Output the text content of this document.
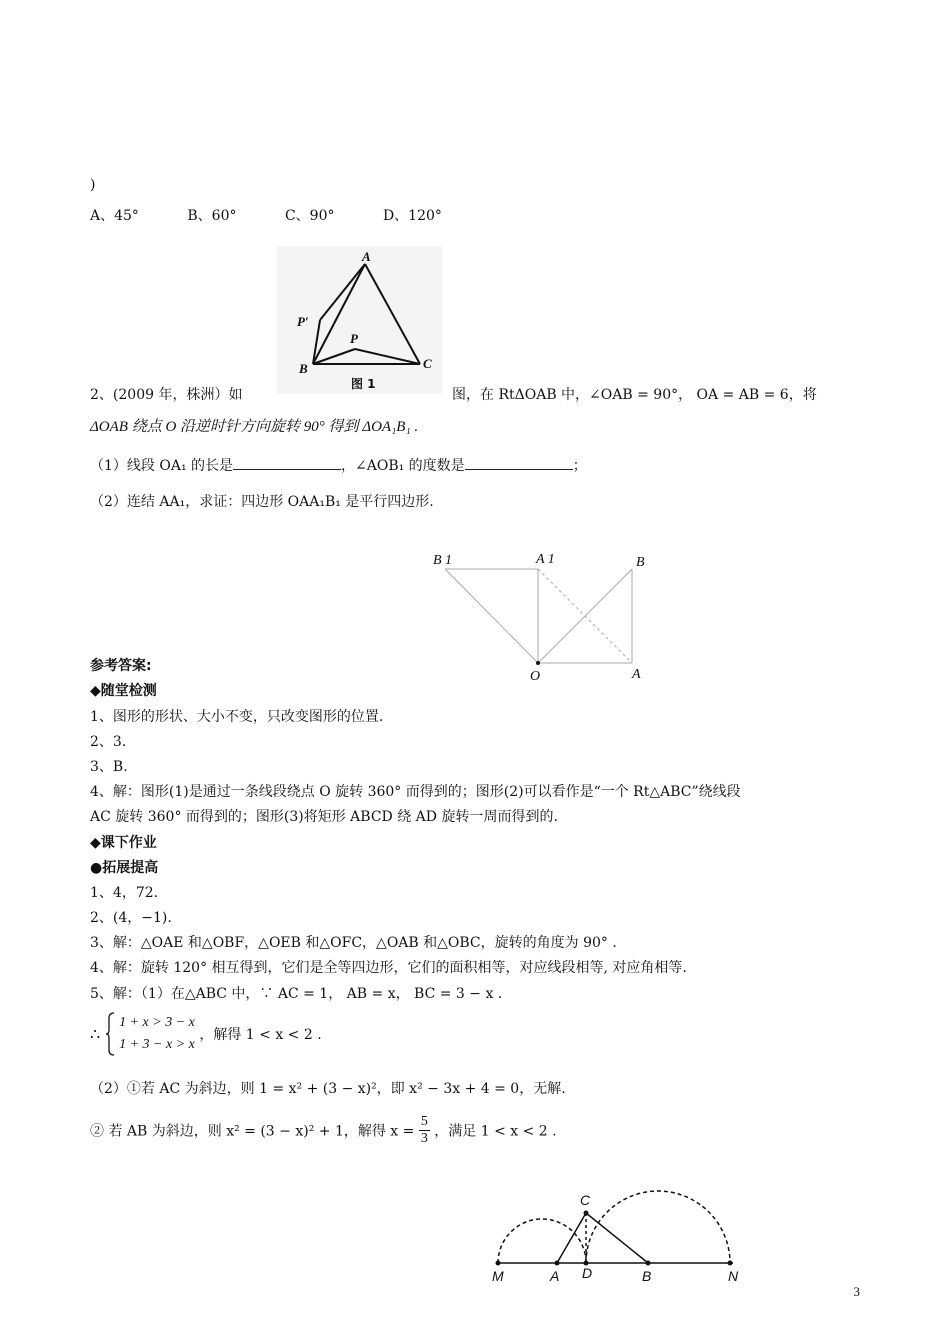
)
A、45°	B、60°	C、90°	D、120°
A
P′
P
B	C
图 1
2、(2009 年，株洲）如	图，在 RtΔOAB 中，∠OAB = 90°， OA = AB = 6，将
ΔOAB 绕点 O 沿逆时针方向旋转 90° 得到 ΔOA₁B₁ .
（1）线段 OA₁ 的长是	，∠AOB₁ 的度数是	；
（2）连结 AA₁，求证：四边形 OAA₁B₁ 是平行四边形.
B 1	A 1	B
O	A
参考答案:
◆随堂检测
1、图形的形状、大小不变，只改变图形的位置.
2、3.
3、B.
4、解：图形(1)是通过一条线段绕点 O 旋转 360° 而得到的；图形(2)可以看作是“一个 Rt△ABC”绕线段
AC 旋转 360° 而得到的；图形(3)将矩形 ABCD 绕 AD 旋转一周而得到的.
◆课下作业
●拓展提高
1、4，72.
2、(4，−1).
3、解：△OAE 和△OBF，△OEB 和△OFC，△OAB 和△OBC，旋转的角度为 90° .
4、解：旋转 120° 相互得到，它们是全等四边形，它们的面积相等，对应线段相等, 对应角相等.
5、解：（1）在△ABC 中，∵ AC = 1， AB = x， BC = 3 − x .
∴
1 + x > 3 − x
1 + 3 − x > x
，解得 1 < x < 2 .
（2）①若 AC 为斜边，则 1 = x² + (3 − x)²，即 x² − 3x + 4 = 0，无解.
② 若 AB 为斜边，则 x² = (3 − x)² + 1，解得 $x = \frac{5}{3}$ ，满足 1 < x < 2 .
C
M	A D	B	N
3
